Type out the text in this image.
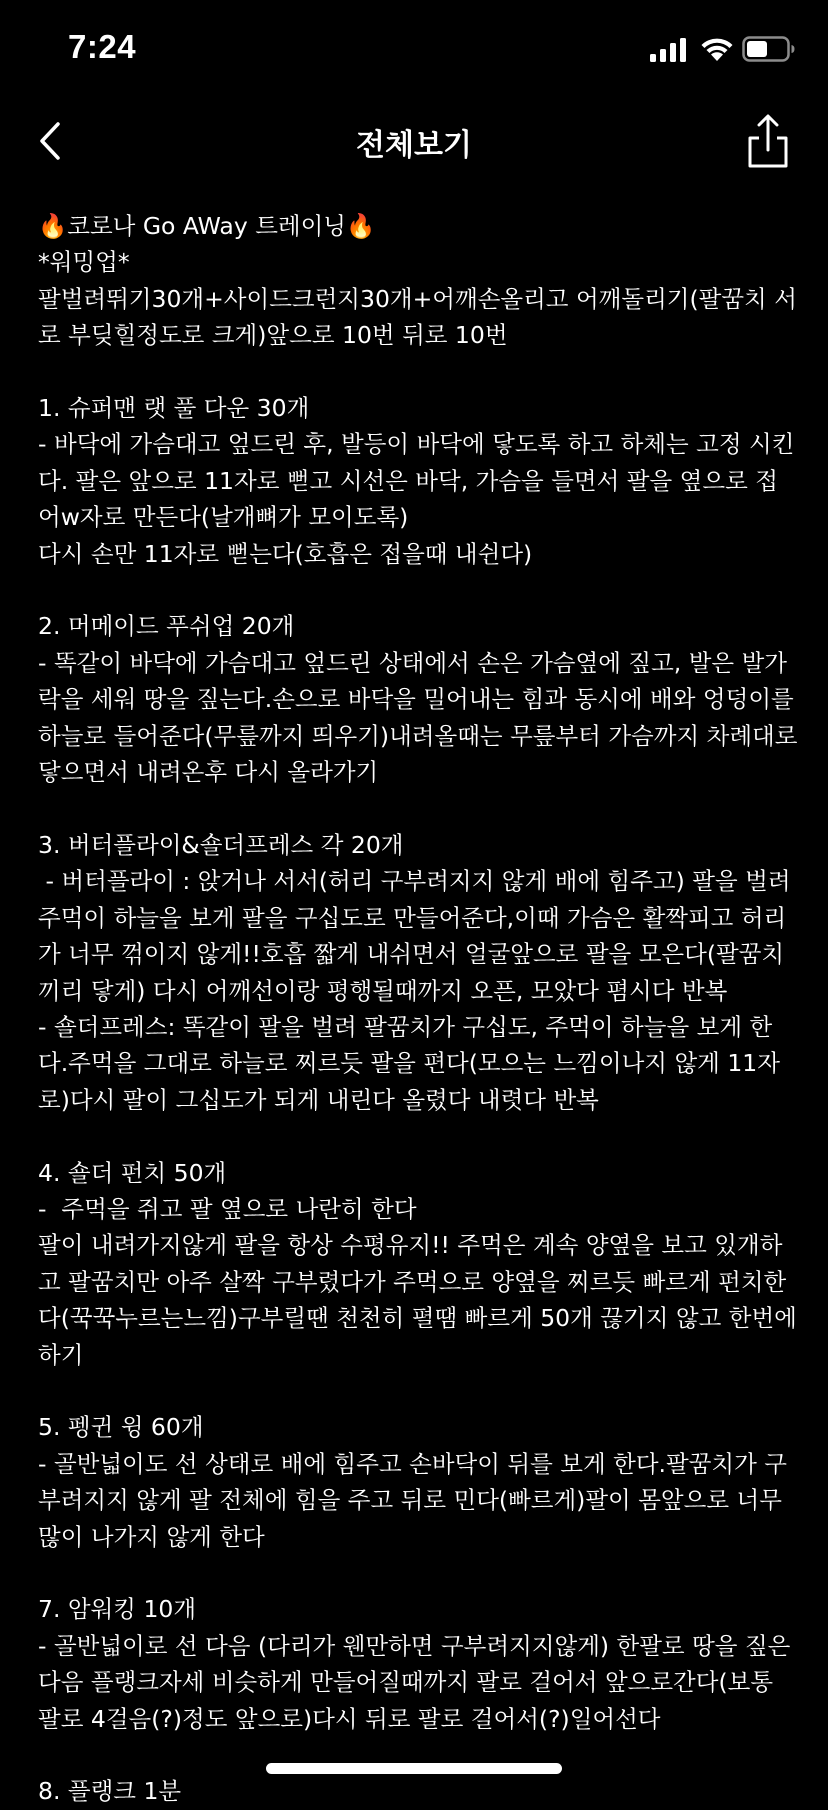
7:24
전체보기
🔥코로나 Go AWay 트레이닝🔥
*워밍업*
팔벌려뛰기30개+사이드크런지30개+어깨손올리고 어깨돌리기(팔꿈치 서로 부딪힐정도로 크게)앞으로 10번 뒤로 10번

1. 슈퍼맨 랫 풀 다운 30개
- 바닥에 가슴대고 엎드린 후, 발등이 바닥에 닿도록 하고 하체는 고정 시킨다. 팔은 앞으로 11자로 뻗고 시선은 바닥, 가슴을 들면서 팔을 옆으로 접어w자로 만든다(날개뼈가 모이도록)
다시 손만 11자로 뻗는다(호흡은 접을때 내쉰다)

2. 머메이드 푸쉬업 20개
- 똑같이 바닥에 가슴대고 엎드린 상태에서 손은 가슴옆에 짚고, 발은 발가락을 세워 땅을 짚는다.손으로 바닥을 밀어내는 힘과 동시에 배와 엉덩이를 하늘로 들어준다(무릎까지 띄우기)내려올때는 무릎부터 가슴까지 차례대로 닿으면서 내려온후 다시 올라가기

3. 버터플라이&숄더프레스 각 20개
- 버터플라이 : 앉거나 서서(허리 구부려지지 않게 배에 힘주고) 팔을 벌려주먹이 하늘을 보게 팔을 구십도로 만들어준다,이때 가슴은 활짝피고 허리가 너무 꺾이지 않게!!호흡 짧게 내쉬면서 얼굴앞으로 팔을 모은다(팔꿈치끼리 닿게) 다시 어깨선이랑 평행될때까지 오픈, 모았다 폄시다 반복
- 숄더프레스: 똑같이 팔을 벌려 팔꿈치가 구십도, 주먹이 하늘을 보게 한다.주먹을 그대로 하늘로 찌르듯 팔을 편다(모으는 느낌이나지 않게 11자로)다시 팔이 그십도가 되게 내린다 올렸다 내렷다 반복

4. 숄더 펀치 50개
-  주먹을 쥐고 팔 옆으로 나란히 한다
팔이 내려가지않게 팔을 항상 수평유지!! 주먹은 계속 양옆을 보고 있개하고 팔꿈치만 아주 살짝 구부렸다가 주먹으로 양옆을 찌르듯 빠르게 펀치한다(꾹꾹누르는느낌)구부릴땐 천천히 펼땜 빠르게 50개 끊기지 않고 한번에 하기

5. 펭귄 윙 60개
- 골반넓이도 선 상태로 배에 힘주고 손바닥이 뒤를 보게 한다.팔꿈치가 구부려지지 않게 팔 전체에 힘을 주고 뒤로 민다(빠르게)팔이 몸앞으로 너무 많이 나가지 않게 한다

7. 암워킹 10개
- 골반넓이로 선 다음 (다리가 웬만하면 구부려지지않게) 한팔로 땅을 짚은다음 플랭크자세 비슷하게 만들어질때까지 팔로 걸어서 앞으로간다(보통 팔로 4걸음(?)정도 앞으로)다시 뒤로 팔로 걸어서(?)일어선다

8. 플랭크 1분
